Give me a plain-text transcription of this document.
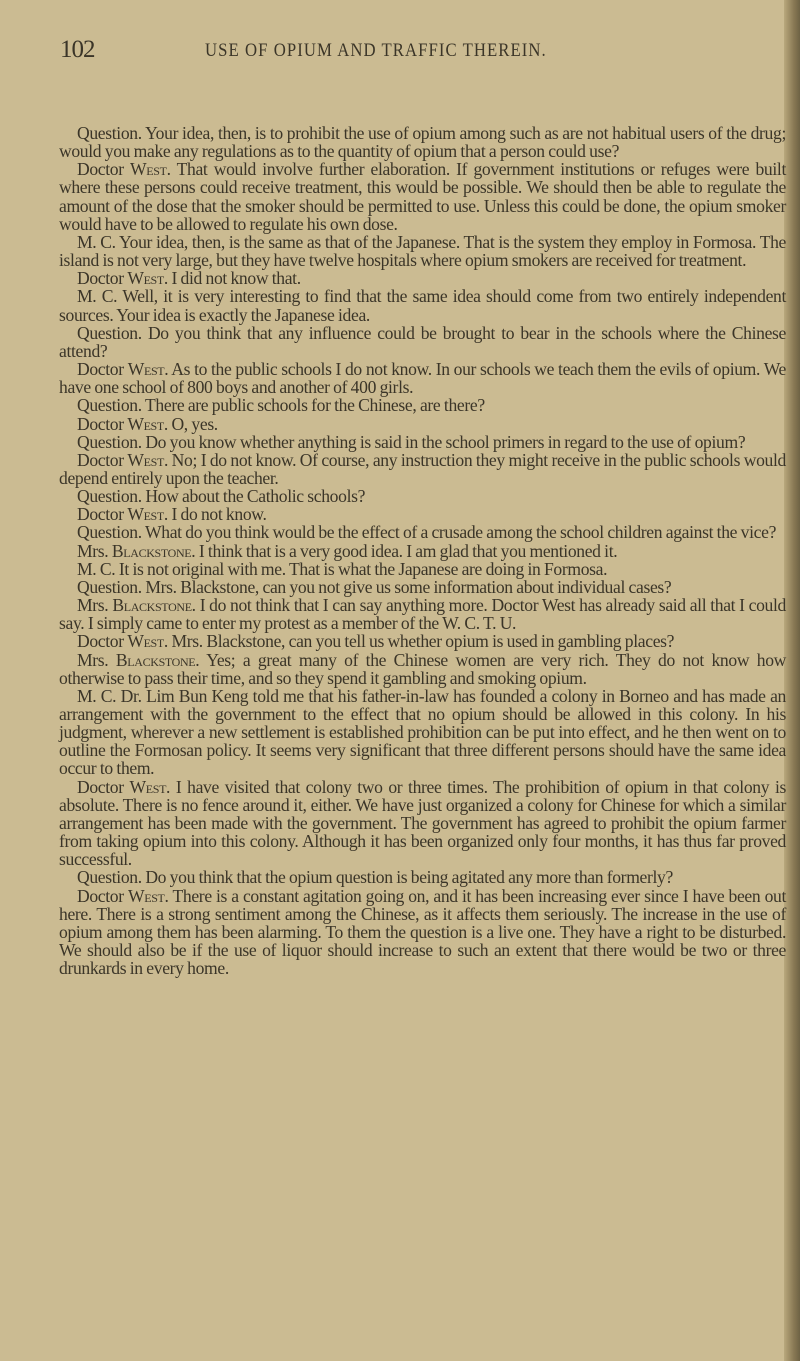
102	USE OF OPIUM AND TRAFFIC THEREIN.

Question. Your idea, then, is to prohibit the use of opium among such as are not habitual users of the drug; would you make any regulations as to the quantity of opium that a person could use?

Doctor West. That would involve further elaboration. If government institutions or refuges were built where these persons could receive treatment, this would be possible. We should then be able to regulate the amount of the dose that the smoker should be permitted to use. Unless this could be done, the opium smoker would have to be allowed to regulate his own dose.

M. C. Your idea, then, is the same as that of the Japanese. That is the system they employ in Formosa. The island is not very large, but they have twelve hospitals where opium smokers are received for treatment.

Doctor West. I did not know that.

M. C. Well, it is very interesting to find that the same idea should come from two entirely independent sources. Your idea is exactly the Japanese idea.

Question. Do you think that any influence could be brought to bear in the schools where the Chinese attend?

Doctor West. As to the public schools I do not know. In our schools we teach them the evils of opium. We have one school of 800 boys and another of 400 girls.

Question. There are public schools for the Chinese, are there?

Doctor West. O, yes.

Question. Do you know whether anything is said in the school primers in regard to the use of opium?

Doctor West. No; I do not know. Of course, any instruction they might receive in the public schools would depend entirely upon the teacher.

Question. How about the Catholic schools?

Doctor West. I do not know.

Question. What do you think would be the effect of a crusade among the school children against the vice?

Mrs. Blackstone. I think that is a very good idea. I am glad that you mentioned it.

M. C. It is not original with me. That is what the Japanese are doing in Formosa.

Question. Mrs. Blackstone, can you not give us some information about individual cases?

Mrs. Blackstone. I do not think that I can say anything more. Doctor West has already said all that I could say. I simply came to enter my protest as a member of the W. C. T. U.

Doctor West. Mrs. Blackstone, can you tell us whether opium is used in gambling places?

Mrs. Blackstone. Yes; a great many of the Chinese women are very rich. They do not know how otherwise to pass their time, and so they spend it gambling and smoking opium.

M. C. Dr. Lim Bun Keng told me that his father-in-law has founded a colony in Borneo and has made an arrangement with the government to the effect that no opium should be allowed in this colony. In his judgment, wherever a new settlement is established prohibition can be put into effect, and he then went on to outline the Formosan policy. It seems very significant that three different persons should have the same idea occur to them.

Doctor West. I have visited that colony two or three times. The prohibition of opium in that colony is absolute. There is no fence around it, either. We have just organized a colony for Chinese for which a similar arrangement has been made with the government. The government has agreed to prohibit the opium farmer from taking opium into this colony. Although it has been organized only four months, it has thus far proved successful.

Question. Do you think that the opium question is being agitated any more than formerly?

Doctor West. There is a constant agitation going on, and it has been increasing ever since I have been out here. There is a strong sentiment among the Chinese, as it affects them seriously. The increase in the use of opium among them has been alarming. To them the question is a live one. They have a right to be disturbed. We should also be if the use of liquor should increase to such an extent that there would be two or three drunkards in every home.
